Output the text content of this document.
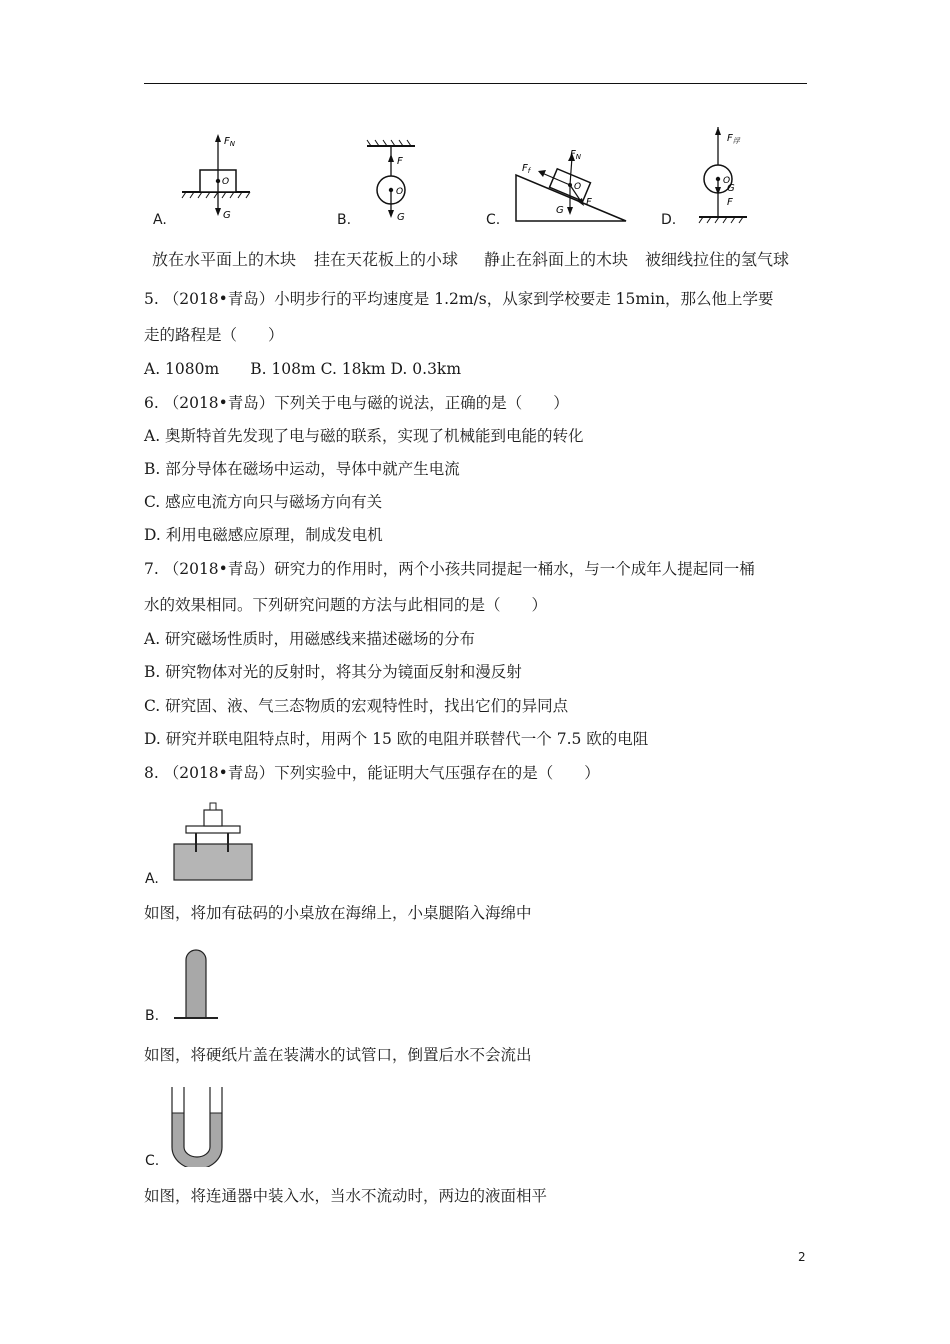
$F_N$
O
G
A.
F
O
G
B.
$F_f$
$F_N$
O
G
F
C.
$F_浮$
O
G
F
D.
放在水平面上的木块 挂在天花板上的小球 静止在斜面上的木块 被细线拉住的氢气球
5. （2018•青岛）小明步行的平均速度是 1.2m/s，从家到学校要走 15min，那么他上学要
走的路程是（　　）
A. 1080m　　B. 108m C. 18km D. 0.3km
6. （2018•青岛）下列关于电与磁的说法，正确的是（　　）
A. 奥斯特首先发现了电与磁的联系，实现了机械能到电能的转化
B. 部分导体在磁场中运动，导体中就产生电流
C. 感应电流方向只与磁场方向有关
D. 利用电磁感应原理，制成发电机
7. （2018•青岛）研究力的作用时，两个小孩共同提起一桶水，与一个成年人提起同一桶
水的效果相同。下列研究问题的方法与此相同的是（　　）
A. 研究磁场性质时，用磁感线来描述磁场的分布
B. 研究物体对光的反射时，将其分为镜面反射和漫反射
C. 研究固、液、气三态物质的宏观特性时，找出它们的异同点
D. 研究并联电阻特点时，用两个 15 欧的电阻并联替代一个 7.5 欧的电阻
8. （2018•青岛）下列实验中，能证明大气压强存在的是（　　）
A.
如图，将加有砝码的小桌放在海绵上，小桌腿陷入海绵中
B.
如图，将硬纸片盖在装满水的试管口，倒置后水不会流出
C.
如图，将连通器中装入水，当水不流动时，两边的液面相平
2
